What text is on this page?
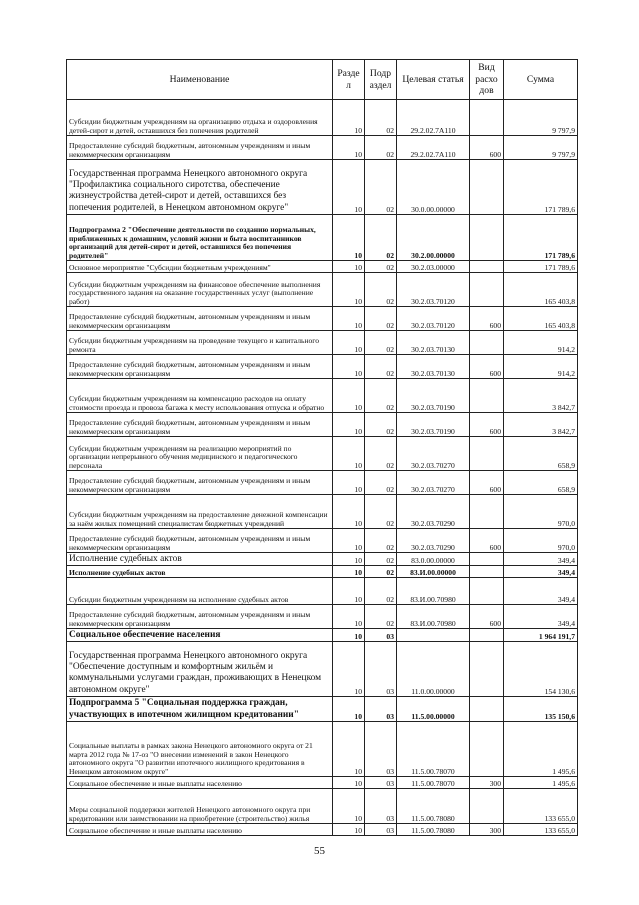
Наименование	Разде л	Подр аздел	Целевая статья	Вид расхо дов	Сумма
Субсидии бюджетным учреждениям на организацию отдыха и оздоровления детей-сирот и детей, оставшихся без попечения родителей	10	02	29.2.02.7А110		9 797,9
Предоставление субсидий бюджетным, автономным учреждениям и иным некоммерческим организациям	10	02	29.2.02.7А110	600	9 797,9
Государственная программа Ненецкого автономного округа "Профилактика социального сиротства, обеспечение жизнеустройства детей-сирот и детей, оставшихся без попечения родителей, в Ненецком автономном округе"	10	02	30.0.00.00000		171 789,6
Подпрограмма 2 "Обеспечение деятельности по созданию нормальных, приближенных к домашним, условий жизни и быта воспитанников организаций для детей-сирот и детей, оставшихся без попечения родителей"	10	02	30.2.00.00000		171 789,6
Основное мероприятие "Субсидии бюджетным учреждениям"	10	02	30.2.03.00000		171 789,6
Субсидии бюджетным учреждениям на финансовое обеспечение выполнения государственного задания на оказание государственных услуг (выполнение работ)	10	02	30.2.03.70120		165 403,8
Предоставление субсидий бюджетным, автономным учреждениям и иным некоммерческим организациям	10	02	30.2.03.70120	600	165 403,8
Субсидии бюджетным учреждениям на проведение текущего и капитального ремонта	10	02	30.2.03.70130		914,2
Предоставление субсидий бюджетным, автономным учреждениям и иным некоммерческим организациям	10	02	30.2.03.70130	600	914,2
Субсидии бюджетным учреждениям на компенсацию расходов на оплату стоимости проезда и провоза багажа к месту использования отпуска и обратно	10	02	30.2.03.70190		3 842,7
Предоставление субсидий бюджетным, автономным учреждениям и иным некоммерческим организациям	10	02	30.2.03.70190	600	3 842,7
Субсидии бюджетным учреждениям на реализацию мероприятий по организации непрерывного обучения медицинского и педагогического персонала	10	02	30.2.03.70270		658,9
Предоставление субсидий бюджетным, автономным учреждениям и иным некоммерческим организациям	10	02	30.2.03.70270	600	658,9
Субсидии бюджетным учреждениям на предоставление денежной компенсации за наём жилых помещений специалистам бюджетных учреждений	10	02	30.2.03.70290		970,0
Предоставление субсидий бюджетным, автономным учреждениям и иным некоммерческим организациям	10	02	30.2.03.70290	600	970,0
Исполнение судебных актов	10	02	83.0.00.00000		349,4
Исполнение судебных актов	10	02	83.И.00.00000		349,4
Субсидии бюджетным учреждениям на исполнение судебных актов	10	02	83.И.00.70980		349,4
Предоставление субсидий бюджетным, автономным учреждениям и иным некоммерческим организациям	10	02	83.И.00.70980	600	349,4
Социальное обеспечение населения	10	03			1 964 191,7
Государственная программа Ненецкого автономного округа "Обеспечение доступным и комфортным жильём и коммунальными услугами граждан, проживающих в Ненецком автономном округе"	10	03	11.0.00.00000		154 130,6
Подпрограмма 5 "Социальная поддержка граждан, участвующих в ипотечном жилищном кредитовании"	10	03	11.5.00.00000		135 150,6
Социальные выплаты в рамках закона Ненецкого автономного округа от 21 марта 2012 года № 17-оз "О внесении изменений в закон Ненецкого автономного округа "О развитии ипотечного жилищного кредитования в Ненецком автономном округе"	10	03	11.5.00.78070		1 495,6
Социальное обеспечение и иные выплаты населению	10	03	11.5.00.78070	300	1 495,6
Меры социальной поддержки жителей Ненецкого автономного округа при кредитовании или заимствовании на приобретение (строительство) жилья	10	03	11.5.00.78080		133 655,0
Социальное обеспечение и иные выплаты населению	10	03	11.5.00.78080	300	133 655,0
55
